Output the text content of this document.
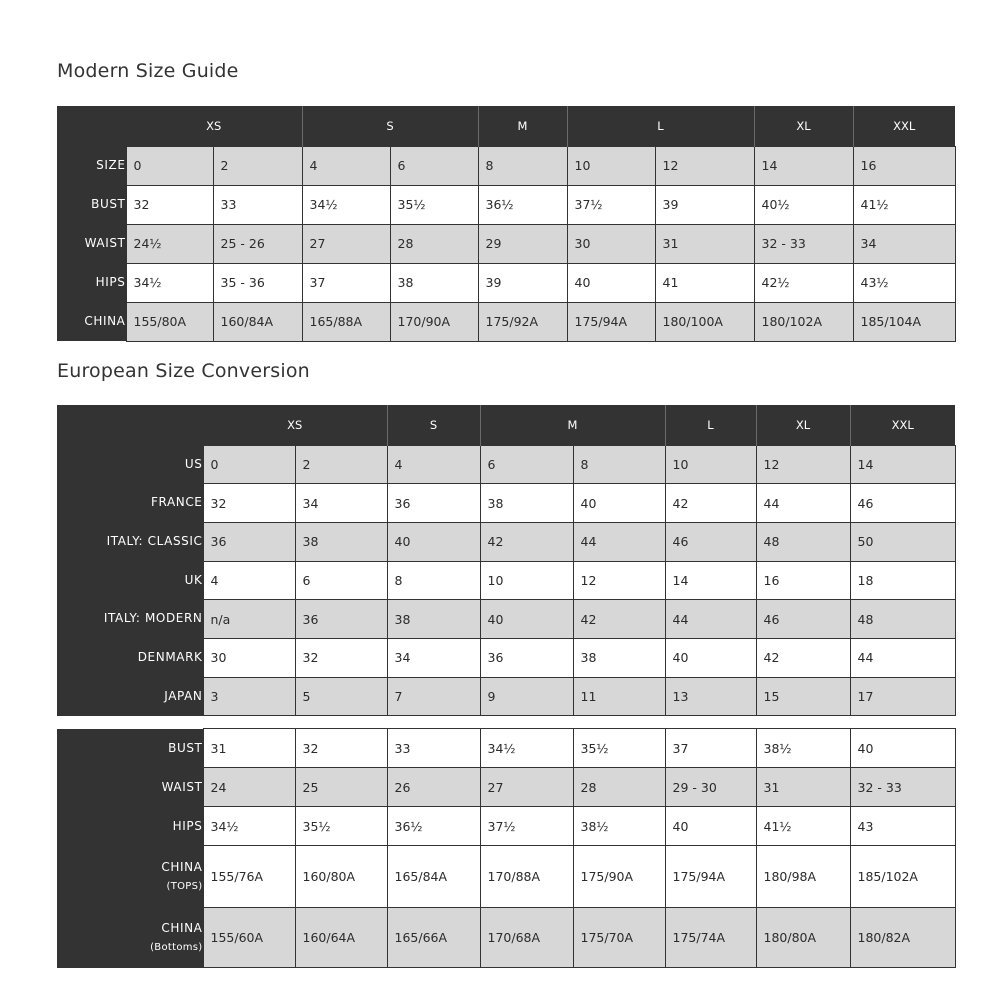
Modern Size Guide
	XS		S		M	L		XL	XXL
SIZE	0	2	4	6	8	10	12	14	16
BUST	32	33	34½	35½	36½	37½	39	40½	41½
WAIST	24½	25 - 26	27	28	29	30	31	32 - 33	34
HIPS	34½	35 - 36	37	38	39	40	41	42½	43½
CHINA	155/80A	160/84A	165/88A	170/90A	175/92A	175/94A	180/100A	180/102A	185/104A
European Size Conversion
	XS		S	M		L	XL	XXL
US	0	2	4	6	8	10	12	14
FRANCE	32	34	36	38	40	42	44	46
ITALY: CLASSIC	36	38	40	42	44	46	48	50
UK	4	6	8	10	12	14	16	18
ITALY: MODERN	n/a	36	38	40	42	44	46	48
DENMARK	30	32	34	36	38	40	42	44
JAPAN	3	5	7	9	11	13	15	17

BUST	31	32	33	34½	35½	37	38½	40
WAIST	24	25	26	27	28	29 - 30	31	32 - 33
HIPS	34½	35½	36½	37½	38½	40	41½	43
CHINA
(TOPS)	155/76A	160/80A	165/84A	170/88A	175/90A	175/94A	180/98A	185/102A
CHINA
(Bottoms)	155/60A	160/64A	165/66A	170/68A	175/70A	175/74A	180/80A	180/82A
